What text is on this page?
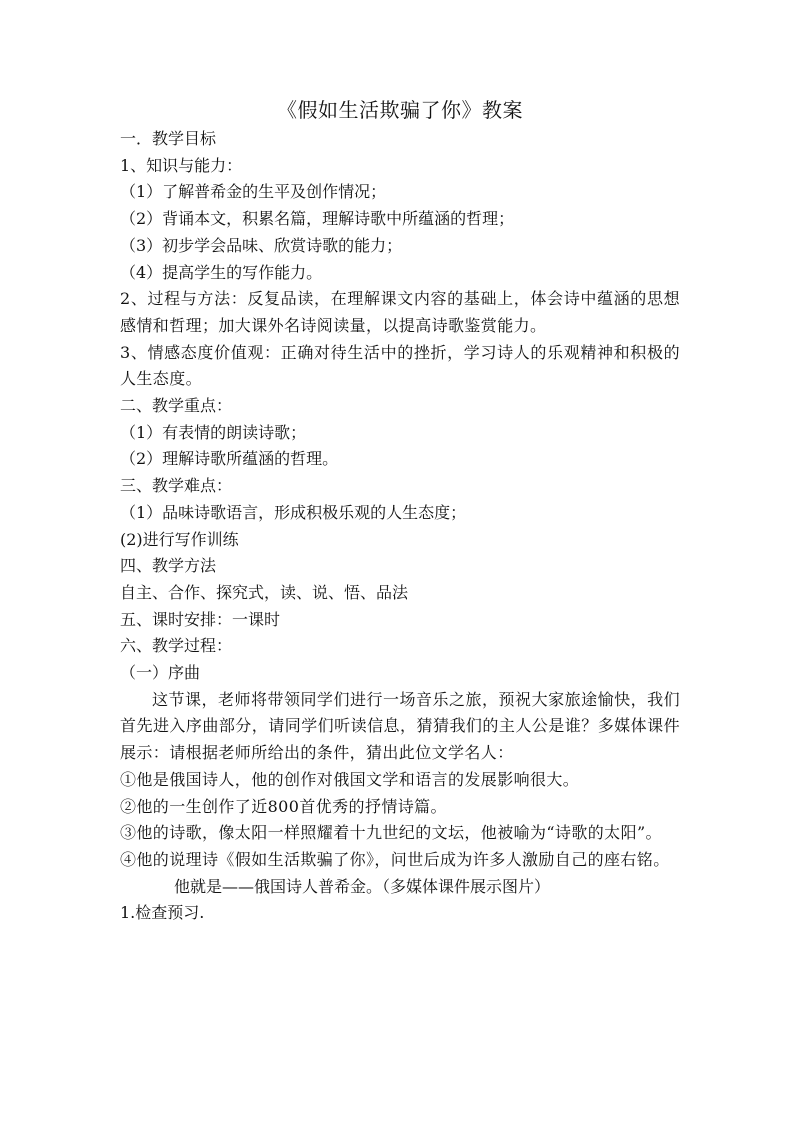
《假如生活欺骗了你》教案
一．教学目标
1、知识与能力：
（1）了解普希金的生平及创作情况；
（2）背诵本文，积累名篇，理解诗歌中所蕴涵的哲理；
（3）初步学会品味、欣赏诗歌的能力；
（4）提高学生的写作能力。
2、过程与方法：反复品读，在理解课文内容的基础上，体会诗中蕴涵的思想感情和哲理；加大课外名诗阅读量，以提高诗歌鉴赏能力。
3、情感态度价值观：正确对待生活中的挫折，学习诗人的乐观精神和积极的人生态度。
二、教学重点：
（1）有表情的朗读诗歌；
（2）理解诗歌所蕴涵的哲理。
三、教学难点：
（1）品味诗歌语言，形成积极乐观的人生态度；
(2)进行写作训练
四、教学方法
自主、合作、探究式，读、说、悟、品法
五、课时安排：一课时
六、教学过程：
（一）序曲
这节课，老师将带领同学们进行一场音乐之旅，预祝大家旅途愉快，我们首先进入序曲部分，请同学们听读信息，猜猜我们的主人公是谁？多媒体课件展示：请根据老师所给出的条件，猜出此位文学名人：
①他是俄国诗人，他的创作对俄国文学和语言的发展影响很大。
②他的一生创作了近800首优秀的抒情诗篇。
③他的诗歌，像太阳一样照耀着十九世纪的文坛，他被喻为“诗歌的太阳”。
④他的说理诗《假如生活欺骗了你》，问世后成为许多人激励自己的座右铭。
他就是——俄国诗人普希金。（多媒体课件展示图片）
1.检查预习.
